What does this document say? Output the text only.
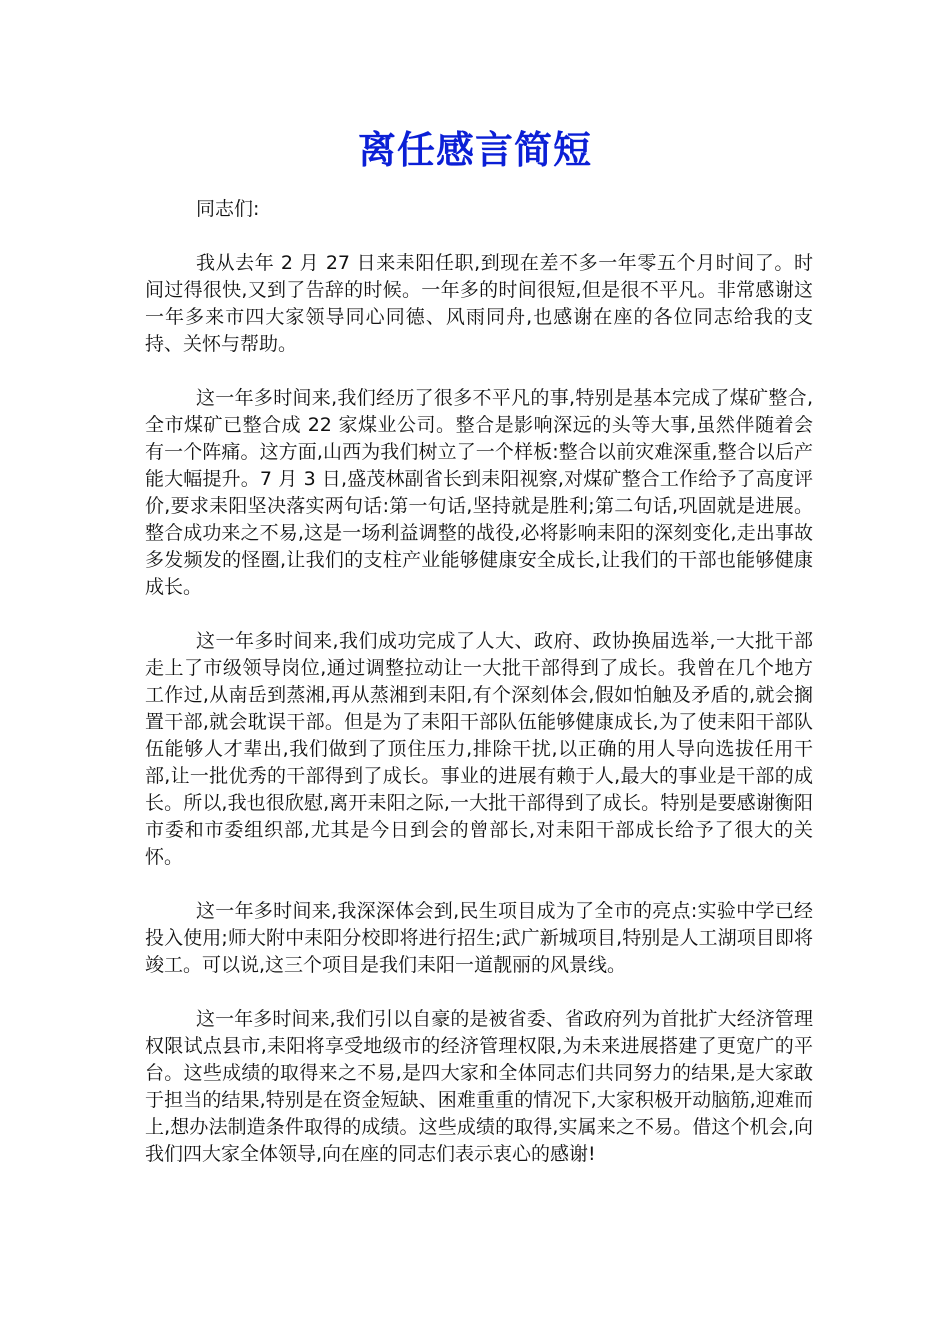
离任感言简短

同志们:

我从去年 2 月 27 日来耒阳任职,到现在差不多一年零五个月时间了。时间过得很快,又到了告辞的时候。一年多的时间很短,但是很不平凡。非常感谢这一年多来市四大家领导同心同德、风雨同舟,也感谢在座的各位同志给我的支持、关怀与帮助。

这一年多时间来,我们经历了很多不平凡的事,特别是基本完成了煤矿整合,全市煤矿已整合成 22 家煤业公司。整合是影响深远的头等大事,虽然伴随着会有一个阵痛。这方面,山西为我们树立了一个样板:整合以前灾难深重,整合以后产能大幅提升。7 月 3 日,盛茂林副省长到耒阳视察,对煤矿整合工作给予了高度评价,要求耒阳坚决落实两句话:第一句话,坚持就是胜利;第二句话,巩固就是进展。整合成功来之不易,这是一场利益调整的战役,必将影响耒阳的深刻变化,走出事故多发频发的怪圈,让我们的支柱产业能够健康安全成长,让我们的干部也能够健康成长。

这一年多时间来,我们成功完成了人大、政府、政协换届选举,一大批干部走上了市级领导岗位,通过调整拉动让一大批干部得到了成长。我曾在几个地方工作过,从南岳到蒸湘,再从蒸湘到耒阳,有个深刻体会,假如怕触及矛盾的,就会搁置干部,就会耽误干部。但是为了耒阳干部队伍能够健康成长,为了使耒阳干部队伍能够人才辈出,我们做到了顶住压力,排除干扰,以正确的用人导向选拔任用干部,让一批优秀的干部得到了成长。事业的进展有赖于人,最大的事业是干部的成长。所以,我也很欣慰,离开耒阳之际,一大批干部得到了成长。特别是要感谢衡阳市委和市委组织部,尤其是今日到会的曾部长,对耒阳干部成长给予了很大的关怀。

这一年多时间来,我深深体会到,民生项目成为了全市的亮点:实验中学已经投入使用;师大附中耒阳分校即将进行招生;武广新城项目,特别是人工湖项目即将竣工。可以说,这三个项目是我们耒阳一道靓丽的风景线。

这一年多时间来,我们引以自豪的是被省委、省政府列为首批扩大经济管理权限试点县市,耒阳将享受地级市的经济管理权限,为未来进展搭建了更宽广的平台。这些成绩的取得来之不易,是四大家和全体同志们共同努力的结果,是大家敢于担当的结果,特别是在资金短缺、困难重重的情况下,大家积极开动脑筋,迎难而上,想办法制造条件取得的成绩。这些成绩的取得,实属来之不易。借这个机会,向我们四大家全体领导,向在座的同志们表示衷心的感谢!
